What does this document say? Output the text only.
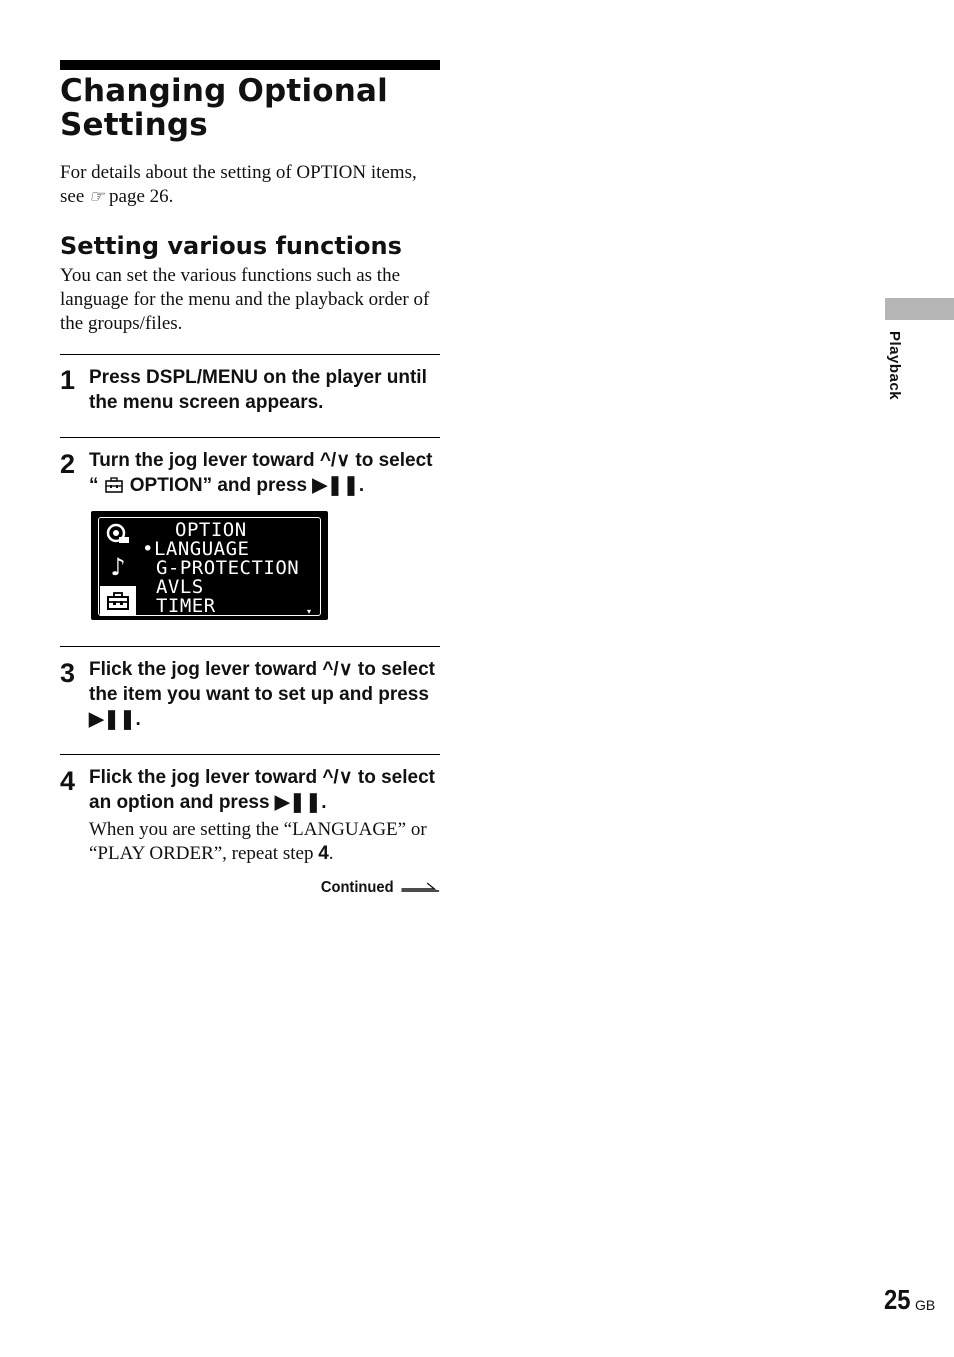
Changing Optional Settings
For details about the setting of OPTION items, see ☞ page 26.
Setting various functions
You can set the various functions such as the language for the menu and the playback order of the groups/files.
1 Press DSPL/MENU on the player until the menu screen appears.
2 Turn the jog lever toward ^/∨ to select “  OPTION” and press ▶❚❚.
♪
OPTION
•LANGUAGE
G-PROTECTION
AVLS
TIMER	▾
3 Flick the jog lever toward ^/∨ to select the item you want to set up and press ▶❚❚.
4 Flick the jog lever toward ^/∨ to select an option and press ▶❚❚.
When you are setting the “LANGUAGE” or “PLAY ORDER”, repeat step 4.
Continued
Playback
25 GB
